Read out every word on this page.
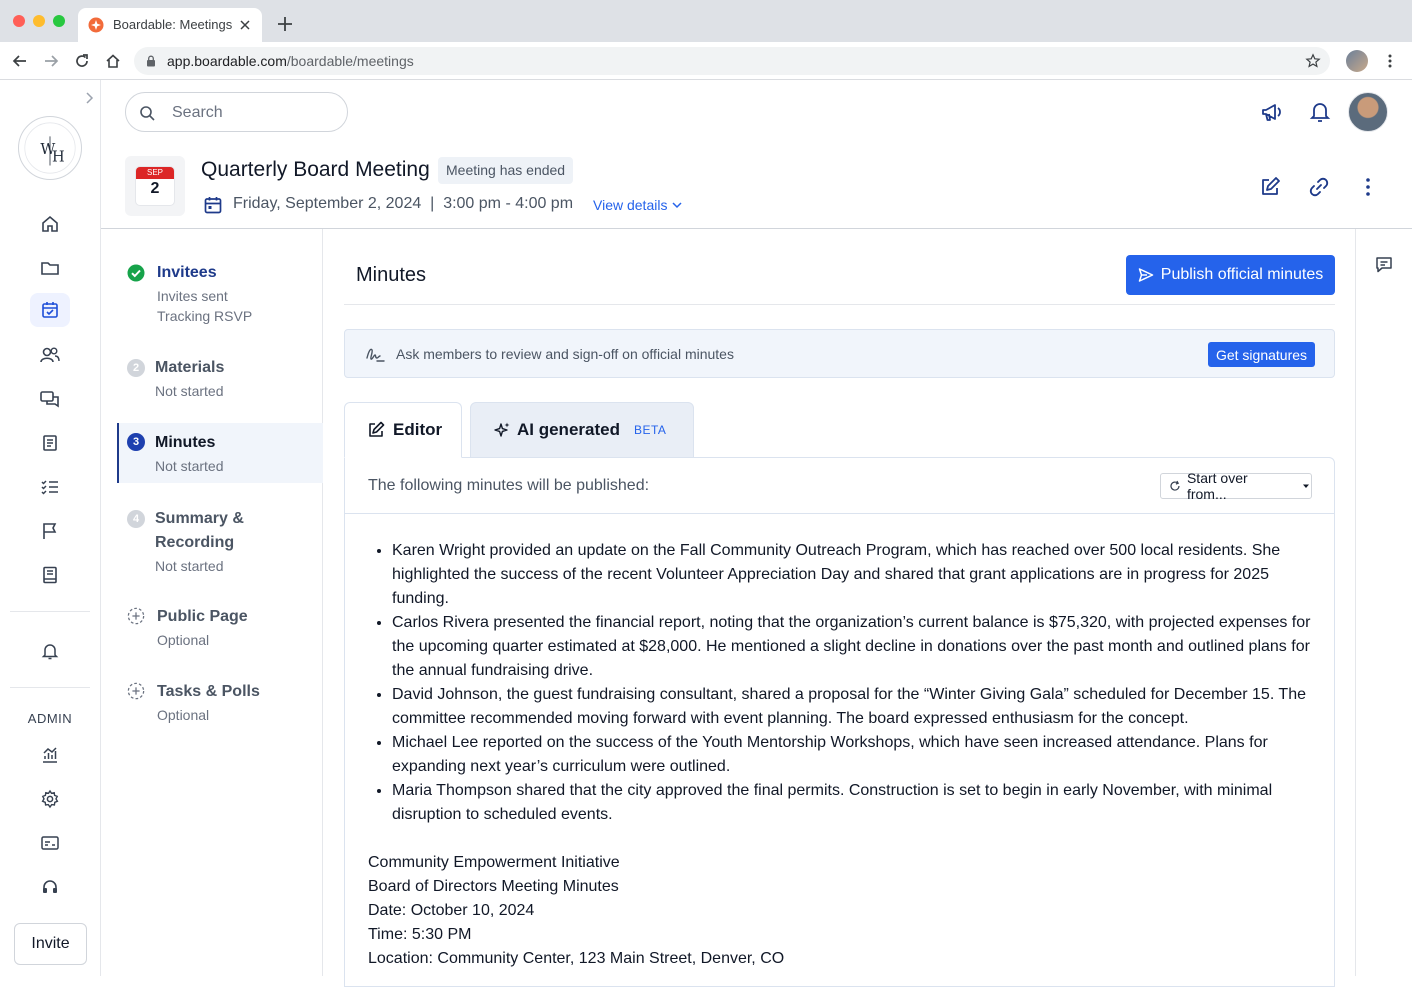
Boardable: Meetings
app.boardable.com/boardable/meetings
W
H
ADMIN
Invite
Search
SEP
2
Quarterly Board Meeting	Meeting has ended
Friday, September 2, 2024  |  3:00 pm - 4:00 pm View details
Invitees
Invites sent
Tracking RSVP
2 Materials
Not started
3 Minutes
Not started
4 Summary & Recording
Not started
Public Page
Optional
Tasks & Polls
Optional
Minutes	Publish official minutes
Ask members to review and sign-off on official minutes	Get signatures
Editor	AI generated BETA
The following minutes will be published:	Start over from...
• Karen Wright provided an update on the Fall Community Outreach Program, which has reached over 500 local residents. She highlighted the success of the recent Volunteer Appreciation Day and shared that grant applications are in progress for 2025 funding.
• Carlos Rivera presented the financial report, noting that the organization’s current balance is $75,320, with projected expenses for the upcoming quarter estimated at $28,000. He mentioned a slight decline in donations over the past month and outlined plans for the annual fundraising drive.
• David Johnson, the guest fundraising consultant, shared a proposal for the “Winter Giving Gala” scheduled for December 15. The committee recommended moving forward with event planning. The board expressed enthusiasm for the concept.
• Michael Lee reported on the success of the Youth Mentorship Workshops, which have seen increased attendance. Plans for expanding next year’s curriculum were outlined.
• Maria Thompson shared that the city approved the final permits. Construction is set to begin in early November, with minimal disruption to scheduled events.
Community Empowerment Initiative
Board of Directors Meeting Minutes
Date: October 10, 2024
Time: 5:30 PM
Location: Community Center, 123 Main Street, Denver, CO
